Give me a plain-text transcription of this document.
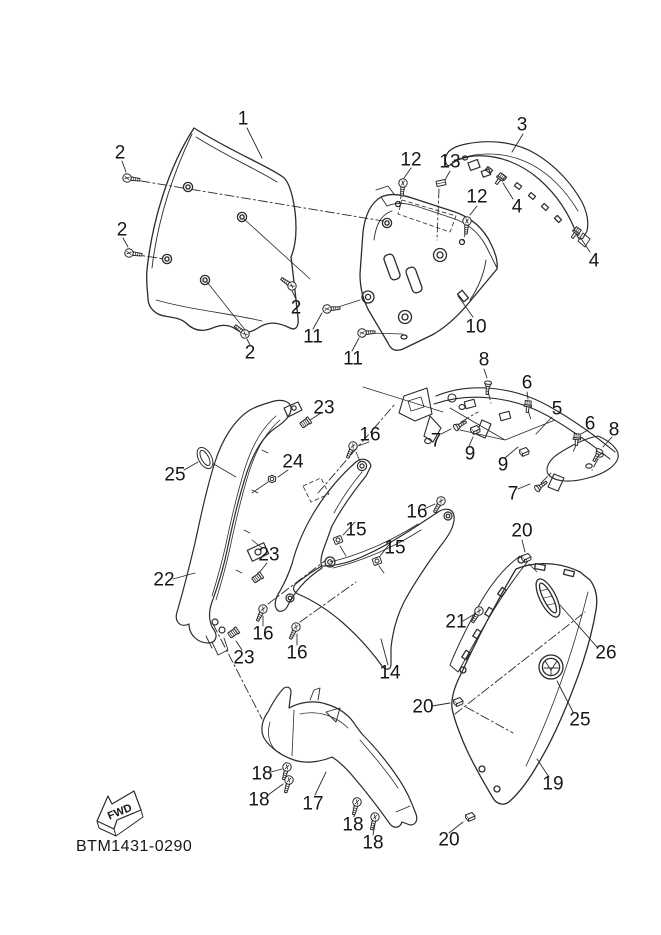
FWD
1
2
2
2
2
3
4
4
12 13
12
10
11
11	8
6
5
7
9
9
6 8
7
23
16
24
25
16
15
15
20
22
23
16
16
23
14
21
26
25
20
19
18
18 17
18
18	20
BTM1431-0290
